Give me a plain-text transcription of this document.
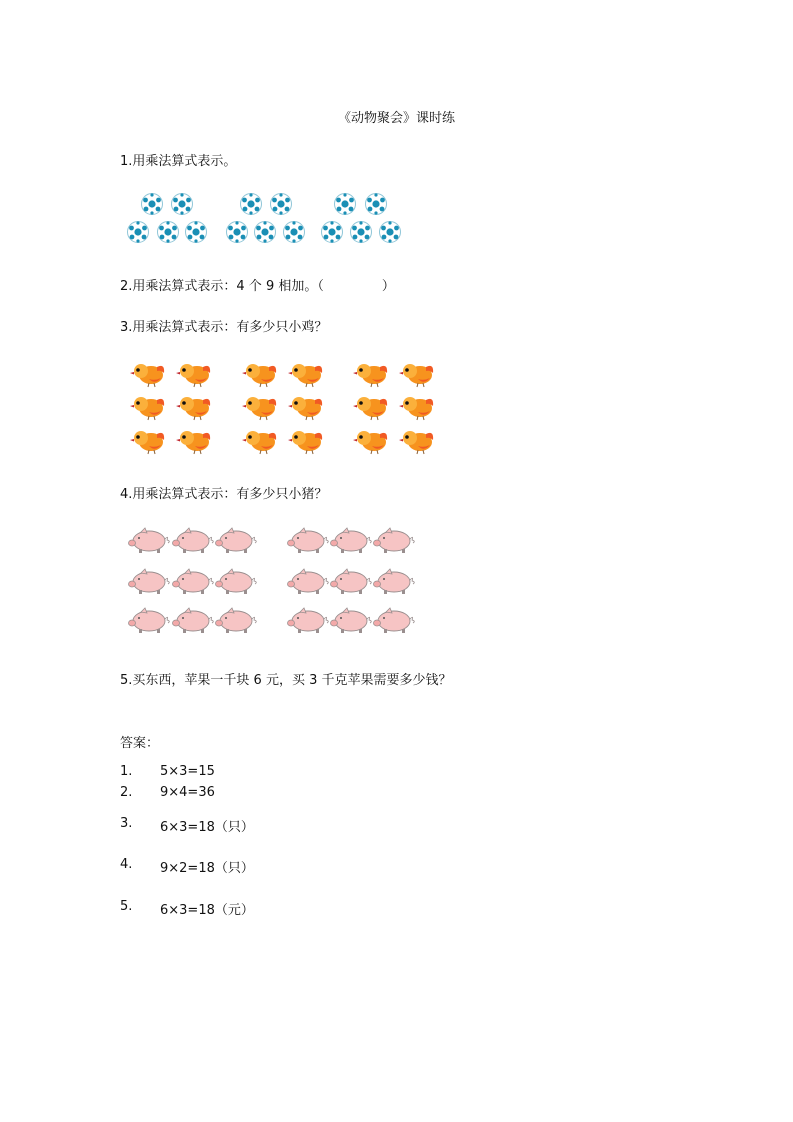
《动物聚会》课时练
1.用乘法算式表示。
2.用乘法算式表示：4 个 9 相加。（	）
3.用乘法算式表示：有多少只小鸡？
4.用乘法算式表示：有多少只小猪？
5.买东西，苹果一千块 6 元，买 3 千克苹果需要多少钱？
答案：
1. 5×3=15
2. 9×4=36
3. 6×3=18（只）
4. 9×2=18（只）
5. 6×3=18（元）
